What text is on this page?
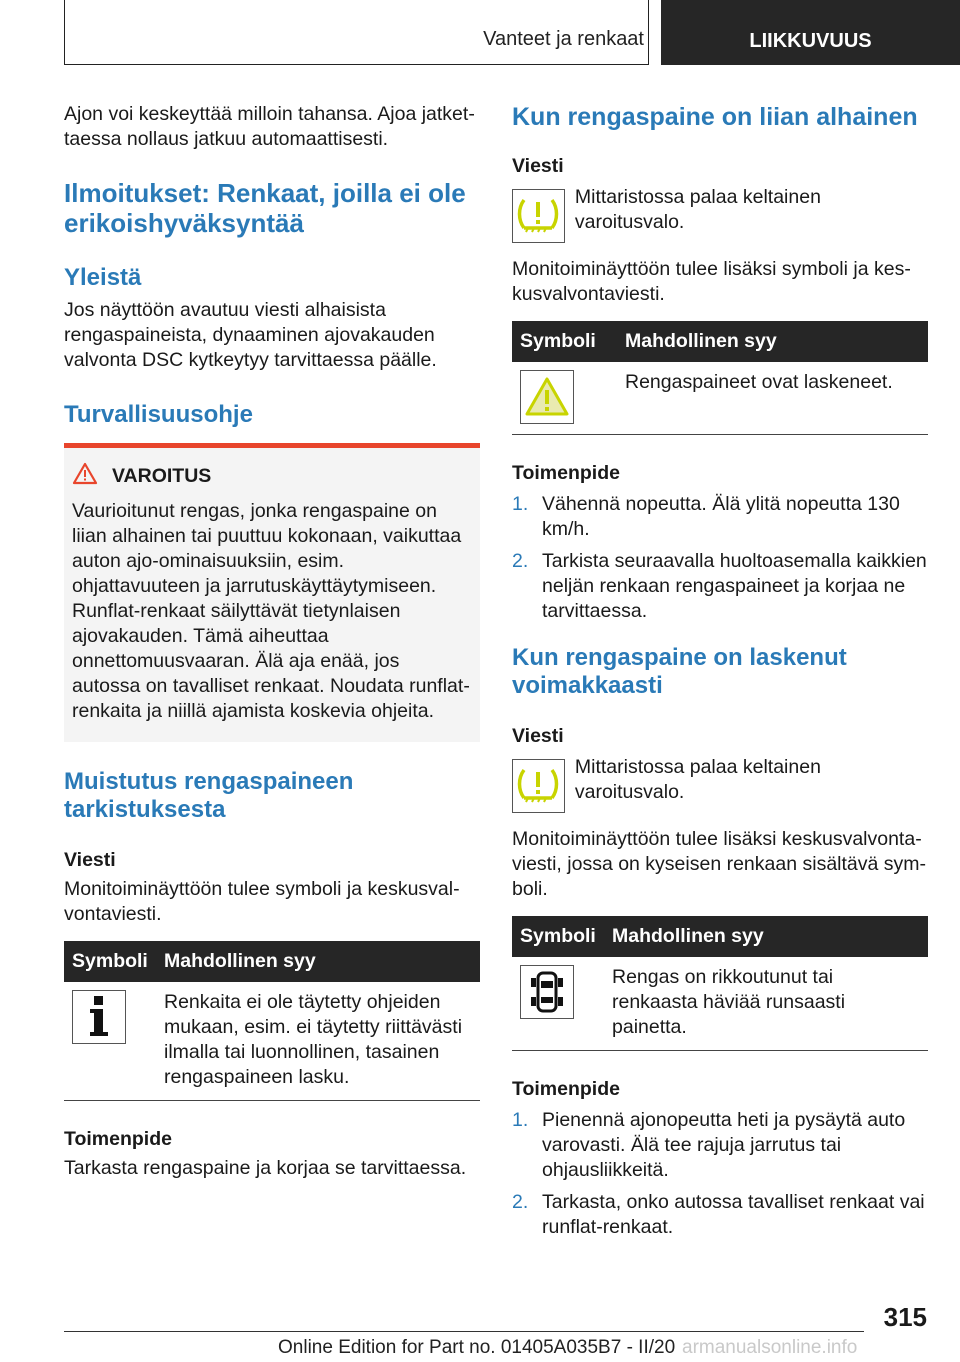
Vanteet ja renkaat	LIIKKUVUUS

Ajon voi keskeyttää milloin tahansa. Ajoa jatkettaessa nollaus jatkuu automaattisesti.

Ilmoitukset: Renkaat, joilla ei ole erikoishyväksyntää
Yleistä

Jos näyttöön avautuu viesti alhaisista rengaspaineista, dynaaminen ajovakauden valvonta DSC kytkeytyy tarvittaessa päälle.

Turvallisuusohje
VAROITUS

Vaurioitunut rengas, jonka rengaspaine on liian alhainen tai puuttuu kokonaan, vaikuttaa auton ajo-ominaisuuksiin, esim. ohjattavuuteen ja jarrutuskäyttäytymiseen. Runflat-renkaat säilyttävät tietynlaisen ajovakauden. Tämä aiheuttaa onnettomuusvaaran. Älä aja enää, jos autossa on tavalliset renkaat. Noudata runflat-renkaita ja niillä ajamista koskevia ohjeita.

Muistutus rengaspaineen tarkistuksesta

Viesti

Monitoiminäyttöön tulee symboli ja keskusvalvontaviesti.

Symboli	Mahdollinen syy

	Renkaita ei ole täytetty ohjeiden mukaan, esim. ei täytetty riittävästi ilmalla tai luonnollinen, tasainen rengaspaineen lasku.

Toimenpide

Tarkasta rengaspaine ja korjaa se tarvittaessa.

Kun rengaspaine on liian alhainen

Viesti

Mittaristossa palaa keltainen varoitusvalo.

Monitoiminäyttöön tulee lisäksi symboli ja keskusvalvontaviesti.

Symboli	Mahdollinen syy

	Rengaspaineet ovat laskeneet.

Toimenpide

1. Vähennä nopeutta. Älä ylitä nopeutta 130 km/h.
2. Tarkista seuraavalla huoltoasemalla kaikkien neljän renkaan rengaspaineet ja korjaa ne tarvittaessa.
Kun rengaspaine on laskenut voimakkaasti

Viesti

Mittaristossa palaa keltainen varoitusvalo.

Monitoiminäyttöön tulee lisäksi keskusvalvontaviesti, jossa on kyseisen renkaan sisältävä symboli.

Symboli	Mahdollinen syy

	Rengas on rikkoutunut tai renkaasta häviää runsaasti painetta.

Toimenpide

1. Pienennä ajonopeutta heti ja pysäytä auto varovasti. Älä tee rajuja jarrutus tai ohjausliikkeitä.
2. Tarkasta, onko autossa tavalliset renkaat vai runflat-renkaat.
315
Online Edition for Part no. 01405A035B7 - II/20 armanualsonline.info
